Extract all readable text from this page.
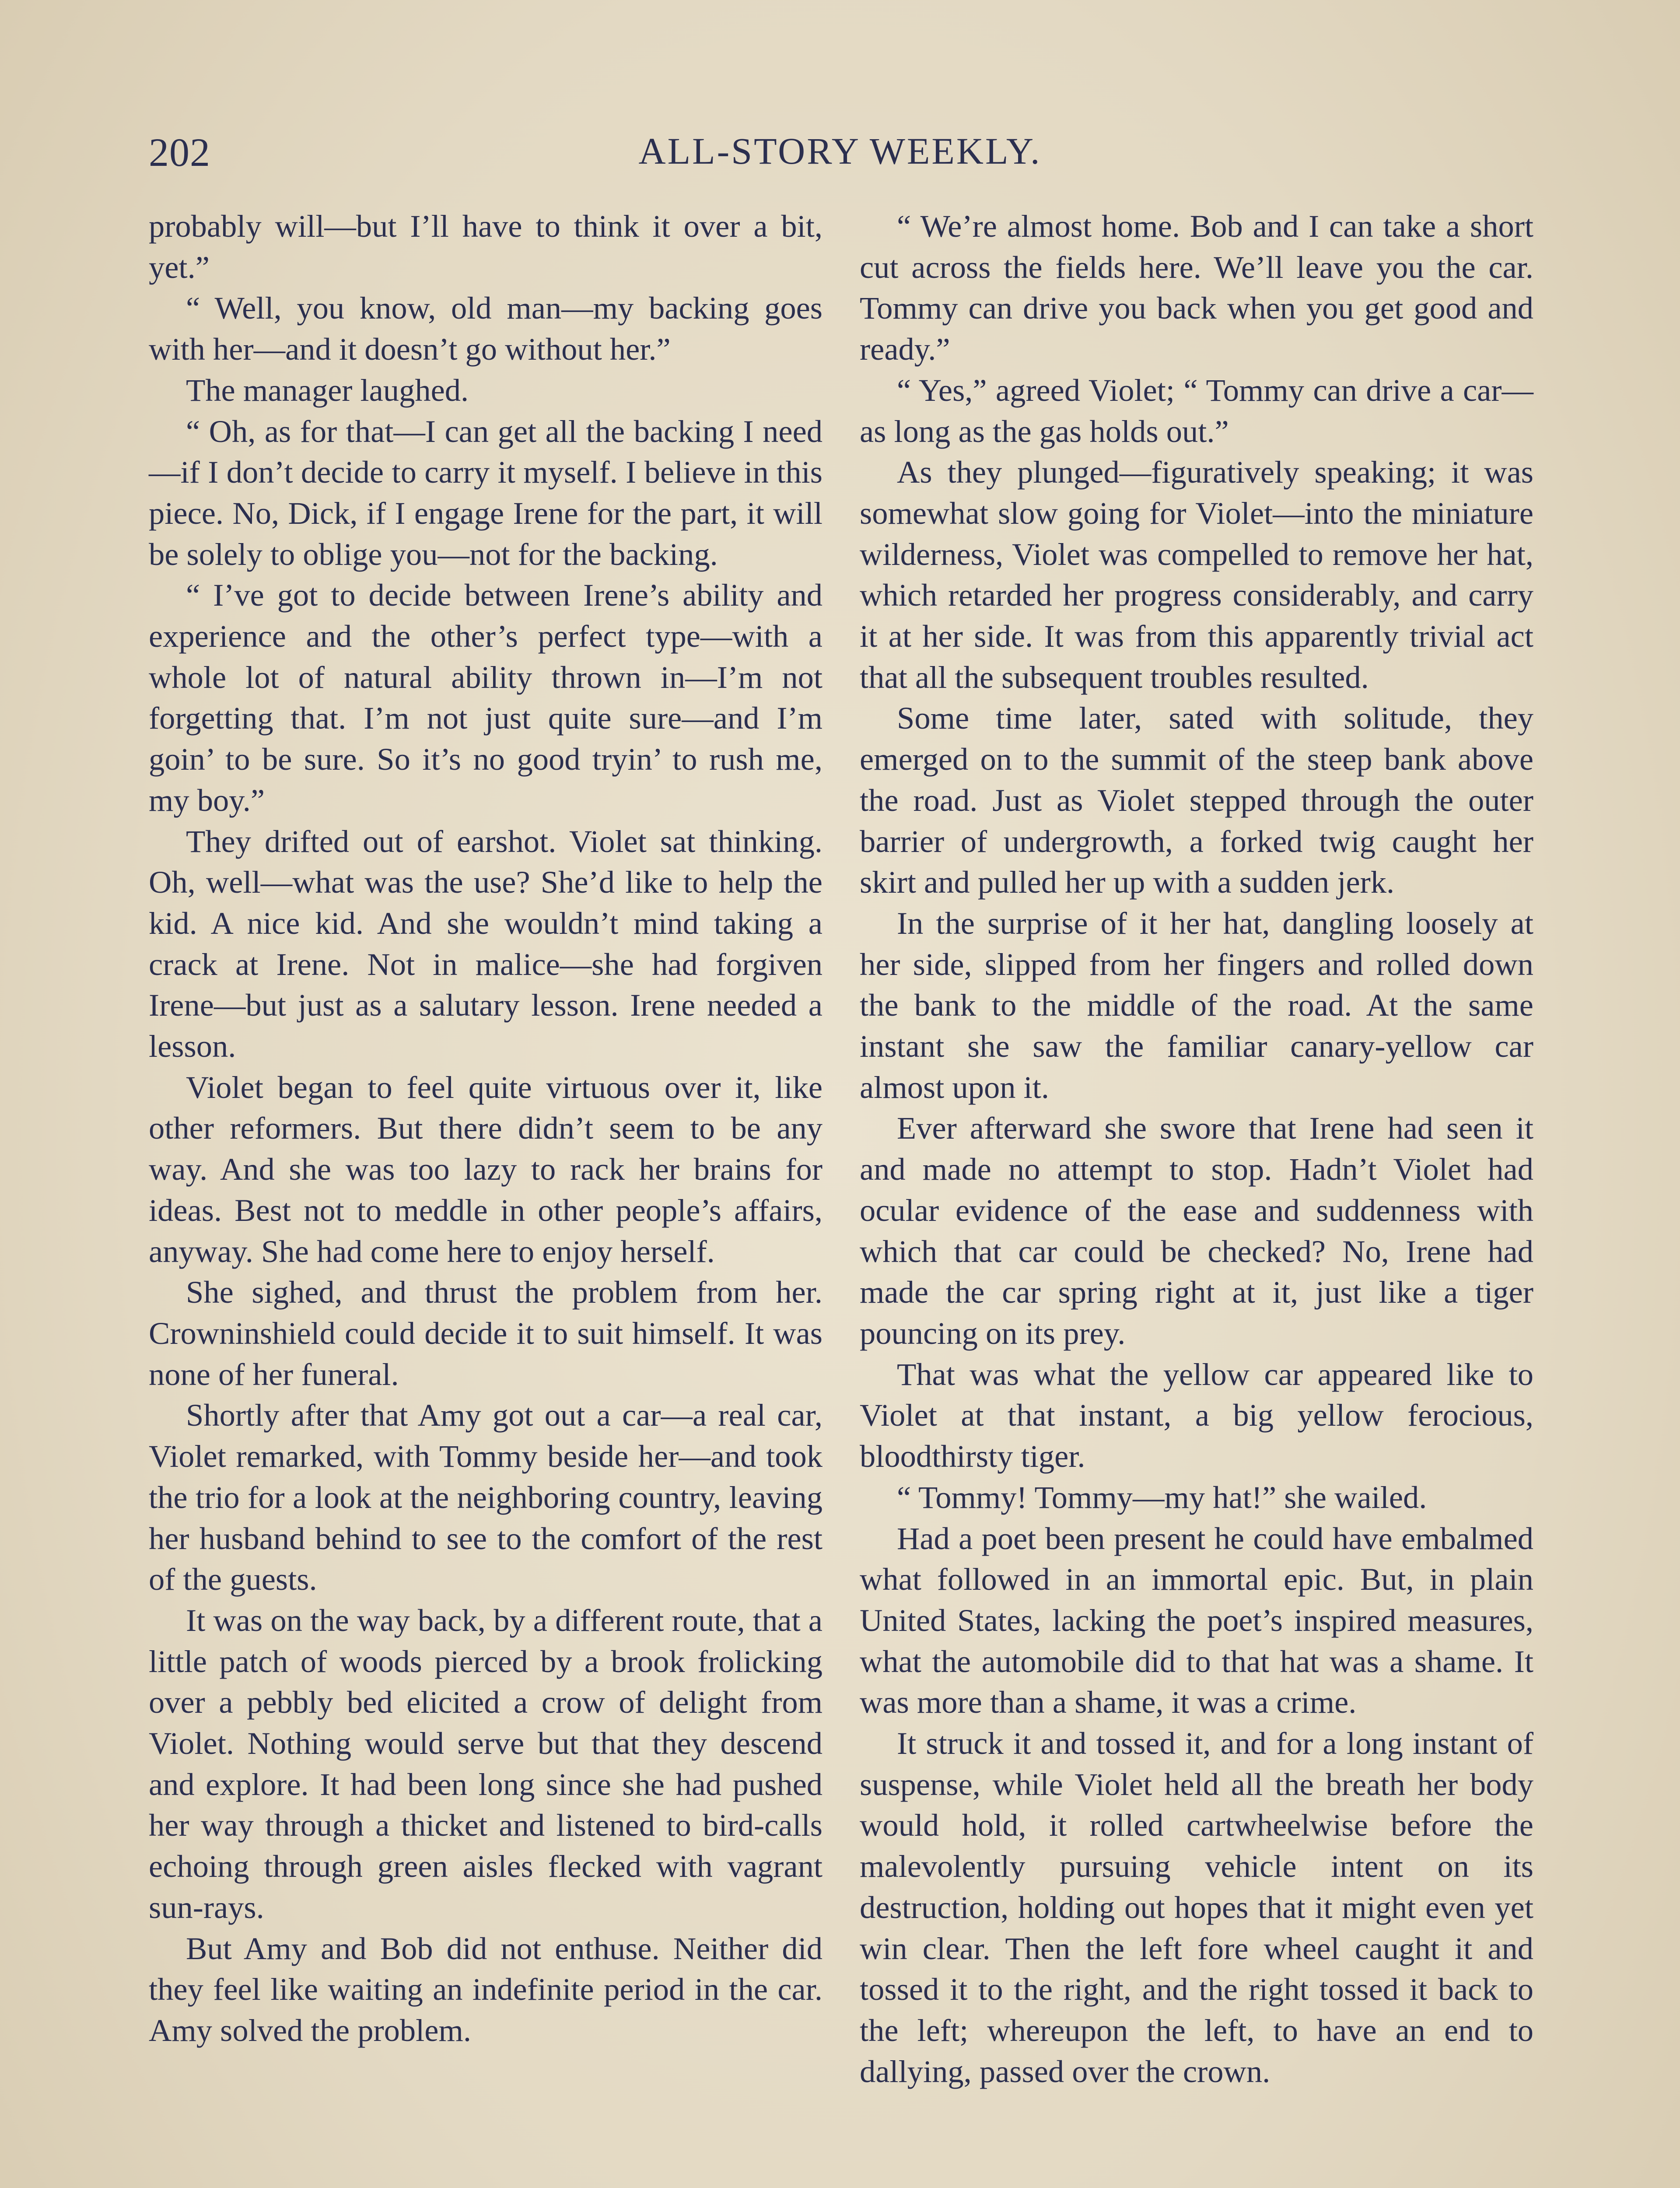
202	ALL-STORY WEEKLY.

probably will—but I’ll have to think it over a bit, yet.”

“ Well, you know, old man—my backing goes with her—and it doesn’t go without her.”

The manager laughed.

“ Oh, as for that—I can get all the backing I need—if I don’t decide to carry it myself. I believe in this piece. No, Dick, if I engage Irene for the part, it will be solely to oblige you—not for the backing.

“ I’ve got to decide between Irene’s ability and experience and the other’s perfect type—with a whole lot of natural ability thrown in—I’m not forgetting that. I’m not just quite sure—and I’m goin’ to be sure. So it’s no good tryin’ to rush me, my boy.”

They drifted out of earshot. Violet sat thinking. Oh, well—what was the use? She’d like to help the kid. A nice kid. And she wouldn’t mind taking a crack at Irene. Not in malice—she had forgiven Irene—but just as a salutary lesson. Irene needed a lesson.

Violet began to feel quite virtuous over it, like other reformers. But there didn’t seem to be any way. And she was too lazy to rack her brains for ideas. Best not to meddle in other people’s affairs, anyway. She had come here to enjoy herself.

She sighed, and thrust the problem from her. Crowninshield could decide it to suit himself. It was none of her funeral.

Shortly after that Amy got out a car—a real car, Violet remarked, with Tommy beside her—and took the trio for a look at the neighboring country, leaving her husband behind to see to the comfort of the rest of the guests.

It was on the way back, by a different route, that a little patch of woods pierced by a brook frolicking over a pebbly bed elicited a crow of delight from Violet. Nothing would serve but that they descend and explore. It had been long since she had pushed her way through a thicket and listened to bird-calls echoing through green aisles flecked with vagrant sun-rays.

But Amy and Bob did not enthuse. Neither did they feel like waiting an indefinite period in the car. Amy solved the problem.

“ We’re almost home. Bob and I can take a short cut across the fields here. We’ll leave you the car. Tommy can drive you back when you get good and ready.”

“ Yes,” agreed Violet; “ Tommy can drive a car—as long as the gas holds out.”

As they plunged—figuratively speaking; it was somewhat slow going for Violet—into the miniature wilderness, Violet was compelled to remove her hat, which retarded her progress considerably, and carry it at her side. It was from this apparently trivial act that all the subsequent troubles resulted.

Some time later, sated with solitude, they emerged on to the summit of the steep bank above the road. Just as Violet stepped through the outer barrier of undergrowth, a forked twig caught her skirt and pulled her up with a sudden jerk.

In the surprise of it her hat, dangling loosely at her side, slipped from her fingers and rolled down the bank to the middle of the road. At the same instant she saw the familiar canary-yellow car almost upon it.

Ever afterward she swore that Irene had seen it and made no attempt to stop. Hadn’t Violet had ocular evidence of the ease and suddenness with which that car could be checked? No, Irene had made the car spring right at it, just like a tiger pouncing on its prey.

That was what the yellow car appeared like to Violet at that instant, a big yellow ferocious, bloodthirsty tiger.

“ Tommy! Tommy—my hat!” she wailed.

Had a poet been present he could have embalmed what followed in an immortal epic. But, in plain United States, lacking the poet’s inspired measures, what the automobile did to that hat was a shame. It was more than a shame, it was a crime.

It struck it and tossed it, and for a long instant of suspense, while Violet held all the breath her body would hold, it rolled cartwheelwise before the malevolently pursuing vehicle intent on its destruction, holding out hopes that it might even yet win clear. Then the left fore wheel caught it and tossed it to the right, and the right tossed it back to the left; whereupon the left, to have an end to dallying, passed over the crown.
